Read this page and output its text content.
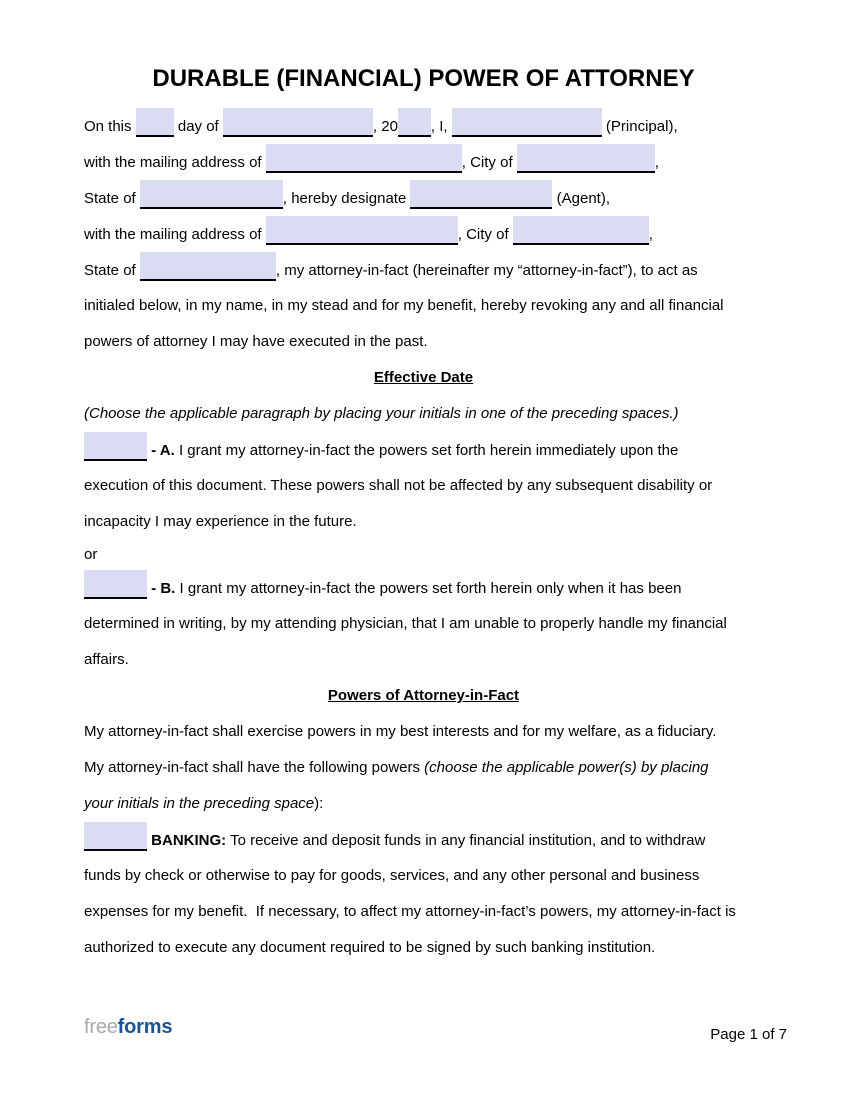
DURABLE (FINANCIAL) POWER OF ATTORNEY
On this	day of	, 20 , I,	(Principal),
with the mailing address of	, City of	,
State of	, hereby designate	(Agent),
with the mailing address of	, City of	,
State of	, my attorney-in-fact (hereinafter my “attorney-in-fact”), to act as
initialed below, in my name, in my stead and for my benefit, hereby revoking any and all financial
powers of attorney I may have executed in the past.
Effective Date
(Choose the applicable paragraph by placing your initials in one of the preceding spaces.)
- A. I grant my attorney-in-fact the powers set forth herein immediately upon the
execution of this document. These powers shall not be affected by any subsequent disability or
incapacity I may experience in the future.
or
- B. I grant my attorney-in-fact the powers set forth herein only when it has been
determined in writing, by my attending physician, that I am unable to properly handle my financial
affairs.
Powers of Attorney-in-Fact
My attorney-in-fact shall exercise powers in my best interests and for my welfare, as a fiduciary.
My attorney-in-fact shall have the following powers (choose the applicable power(s) by placing
your initials in the preceding space):
BANKING: To receive and deposit funds in any financial institution, and to withdraw
funds by check or otherwise to pay for goods, services, and any other personal and business
expenses for my benefit.  If necessary, to affect my attorney-in-fact’s powers, my attorney-in-fact is
authorized to execute any document required to be signed by such banking institution.
freeforms	Page 1 of 7
